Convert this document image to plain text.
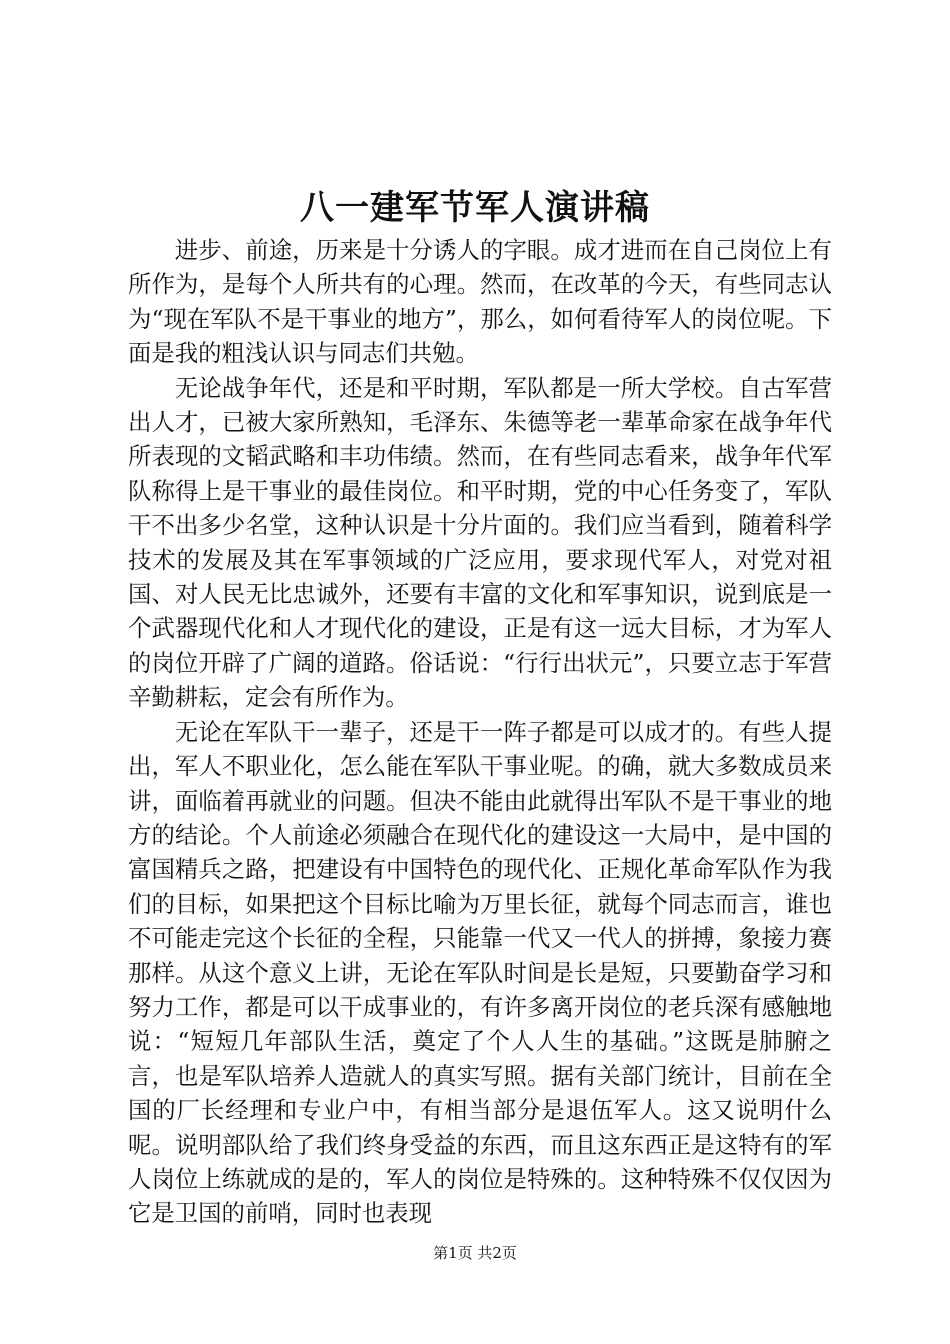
八一建军节军人演讲稿

进步、前途，历来是十分诱人的字眼。成才进而在自己岗位上有所作为，是每个人所共有的心理。然而，在改革的今天，有些同志认为“现在军队不是干事业的地方”，那么，如何看待军人的岗位呢。下面是我的粗浅认识与同志们共勉。

无论战争年代，还是和平时期，军队都是一所大学校。自古军营出人才，已被大家所熟知，毛泽东、朱德等老一辈革命家在战争年代所表现的文韬武略和丰功伟绩。然而，在有些同志看来，战争年代军队称得上是干事业的最佳岗位。和平时期，党的中心任务变了，军队干不出多少名堂，这种认识是十分片面的。我们应当看到，随着科学技术的发展及其在军事领域的广泛应用，要求现代军人，对党对祖国、对人民无比忠诚外，还要有丰富的文化和军事知识，说到底是一个武器现代化和人才现代化的建设，正是有这一远大目标，才为军人的岗位开辟了广阔的道路。俗话说：“行行出状元”，只要立志于军营辛勤耕耘，定会有所作为。

无论在军队干一辈子，还是干一阵子都是可以成才的。有些人提出，军人不职业化，怎么能在军队干事业呢。的确，就大多数成员来讲，面临着再就业的问题。但决不能由此就得出军队不是干事业的地方的结论。个人前途必须融合在现代化的建设这一大局中，是中国的富国精兵之路，把建设有中国特色的现代化、正规化革命军队作为我们的目标，如果把这个目标比喻为万里长征，就每个同志而言，谁也不可能走完这个长征的全程，只能靠一代又一代人的拼搏，象接力赛那样。从这个意义上讲，无论在军队时间是长是短，只要勤奋学习和努力工作，都是可以干成事业的，有许多离开岗位的老兵深有感触地说：“短短几年部队生活，奠定了个人人生的基础。”这既是肺腑之言，也是军队培养人造就人的真实写照。据有关部门统计，目前在全国的厂长经理和专业户中，有相当部分是退伍军人。这又说明什么呢。说明部队给了我们终身受益的东西，而且这东西正是这特有的军人岗位上练就成的是的，军人的岗位是特殊的。这种特殊不仅仅因为它是卫国的前哨，同时也表现

第1页 共2页
